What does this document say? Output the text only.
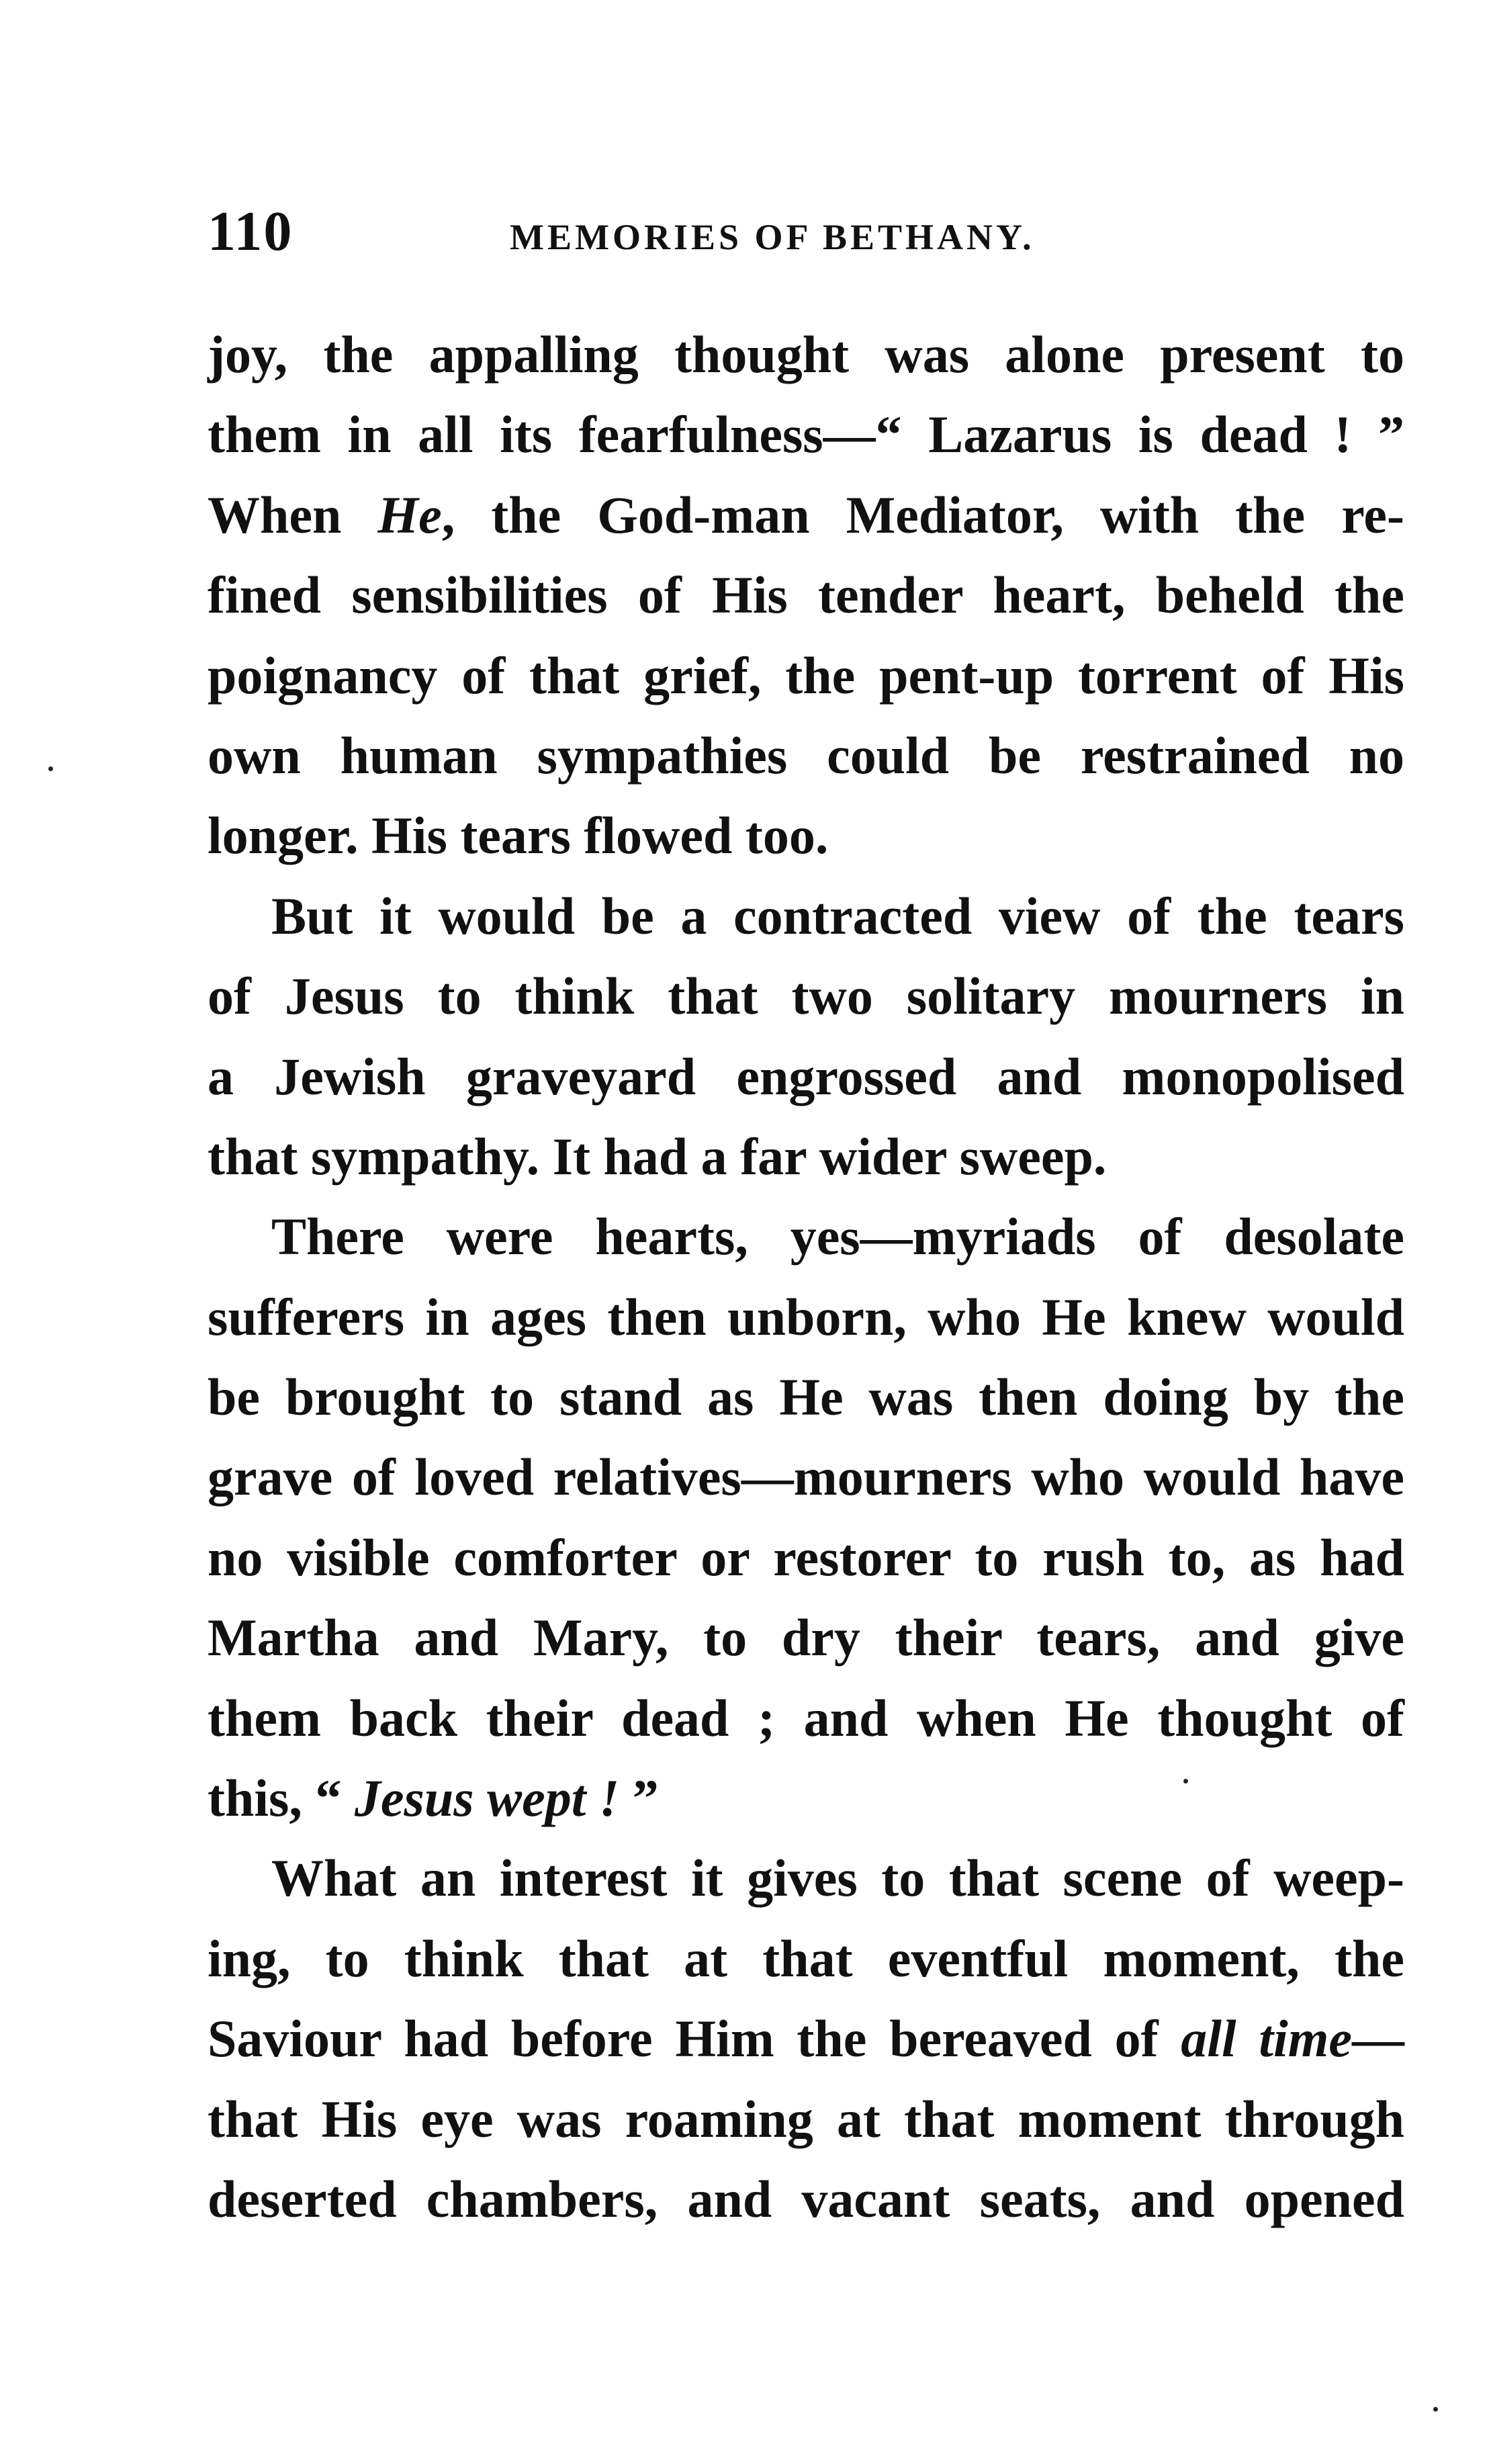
110	MEMORIES OF BETHANY.
joy, the appalling thought was alone present to
them in all its fearfulness—“ Lazarus is dead ! ”
When He, the God-man Mediator, with the re-
fined sensibilities of His tender heart, beheld the
poignancy of that grief, the pent-up torrent of His
own human sympathies could be restrained no
longer. His tears flowed too.
But it would be a contracted view of the tears
of Jesus to think that two solitary mourners in
a Jewish graveyard engrossed and monopolised
that sympathy. It had a far wider sweep.
There were hearts, yes—myriads of desolate
sufferers in ages then unborn, who He knew would
be brought to stand as He was then doing by the
grave of loved relatives—mourners who would have
no visible comforter or restorer to rush to, as had
Martha and Mary, to dry their tears, and give
them back their dead ; and when He thought of
this, “ Jesus wept ! ”
What an interest it gives to that scene of weep-
ing, to think that at that eventful moment, the
Saviour had before Him the bereaved of all time—
that His eye was roaming at that moment through
deserted chambers, and vacant seats, and opened
